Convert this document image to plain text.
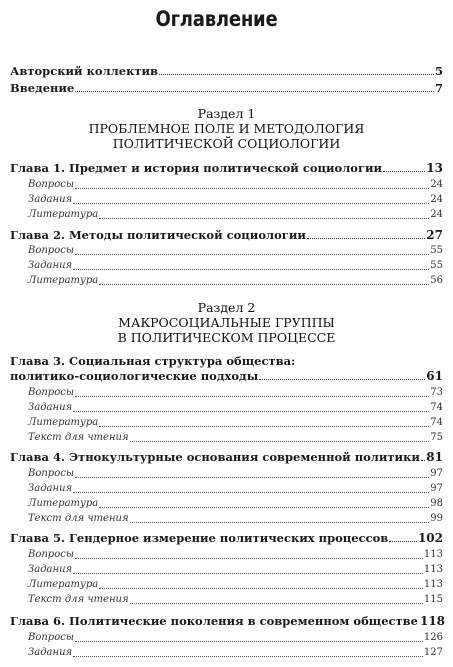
Оглавление
Авторский коллектив	5
Введение	7
Раздел 1
ПРОБЛЕМНОЕ ПОЛЕ И МЕТОДОЛОГИЯ
ПОЛИТИЧЕСКОЙ СОЦИОЛОГИИ
Глава 1. Предмет и история политической социологии	13
Вопросы	24
Задания	24
Литература	24
Глава 2. Методы политической социологии	27
Вопросы	55
Задания	55
Литература	56
Раздел 2
МАКРОСОЦИАЛЬНЫЕ ГРУППЫ
В ПОЛИТИЧЕСКОМ ПРОЦЕССЕ
Глава 3. Социальная структура общества:
политико-социологические подходы	61
Вопросы	73
Задания	74
Литература	74
Текст для чтения	75
Глава 4. Этнокультурные основания современной политики 81
Вопросы	97
Задания	97
Литература	98
Текст для чтения	99
Глава 5. Гендерное измерение политических процессов 102
Вопросы	113
Задания	113
Литература	113
Текст для чтения	115
Глава 6. Политические поколения в современном обществе 118
Вопросы	126
Задания	127
